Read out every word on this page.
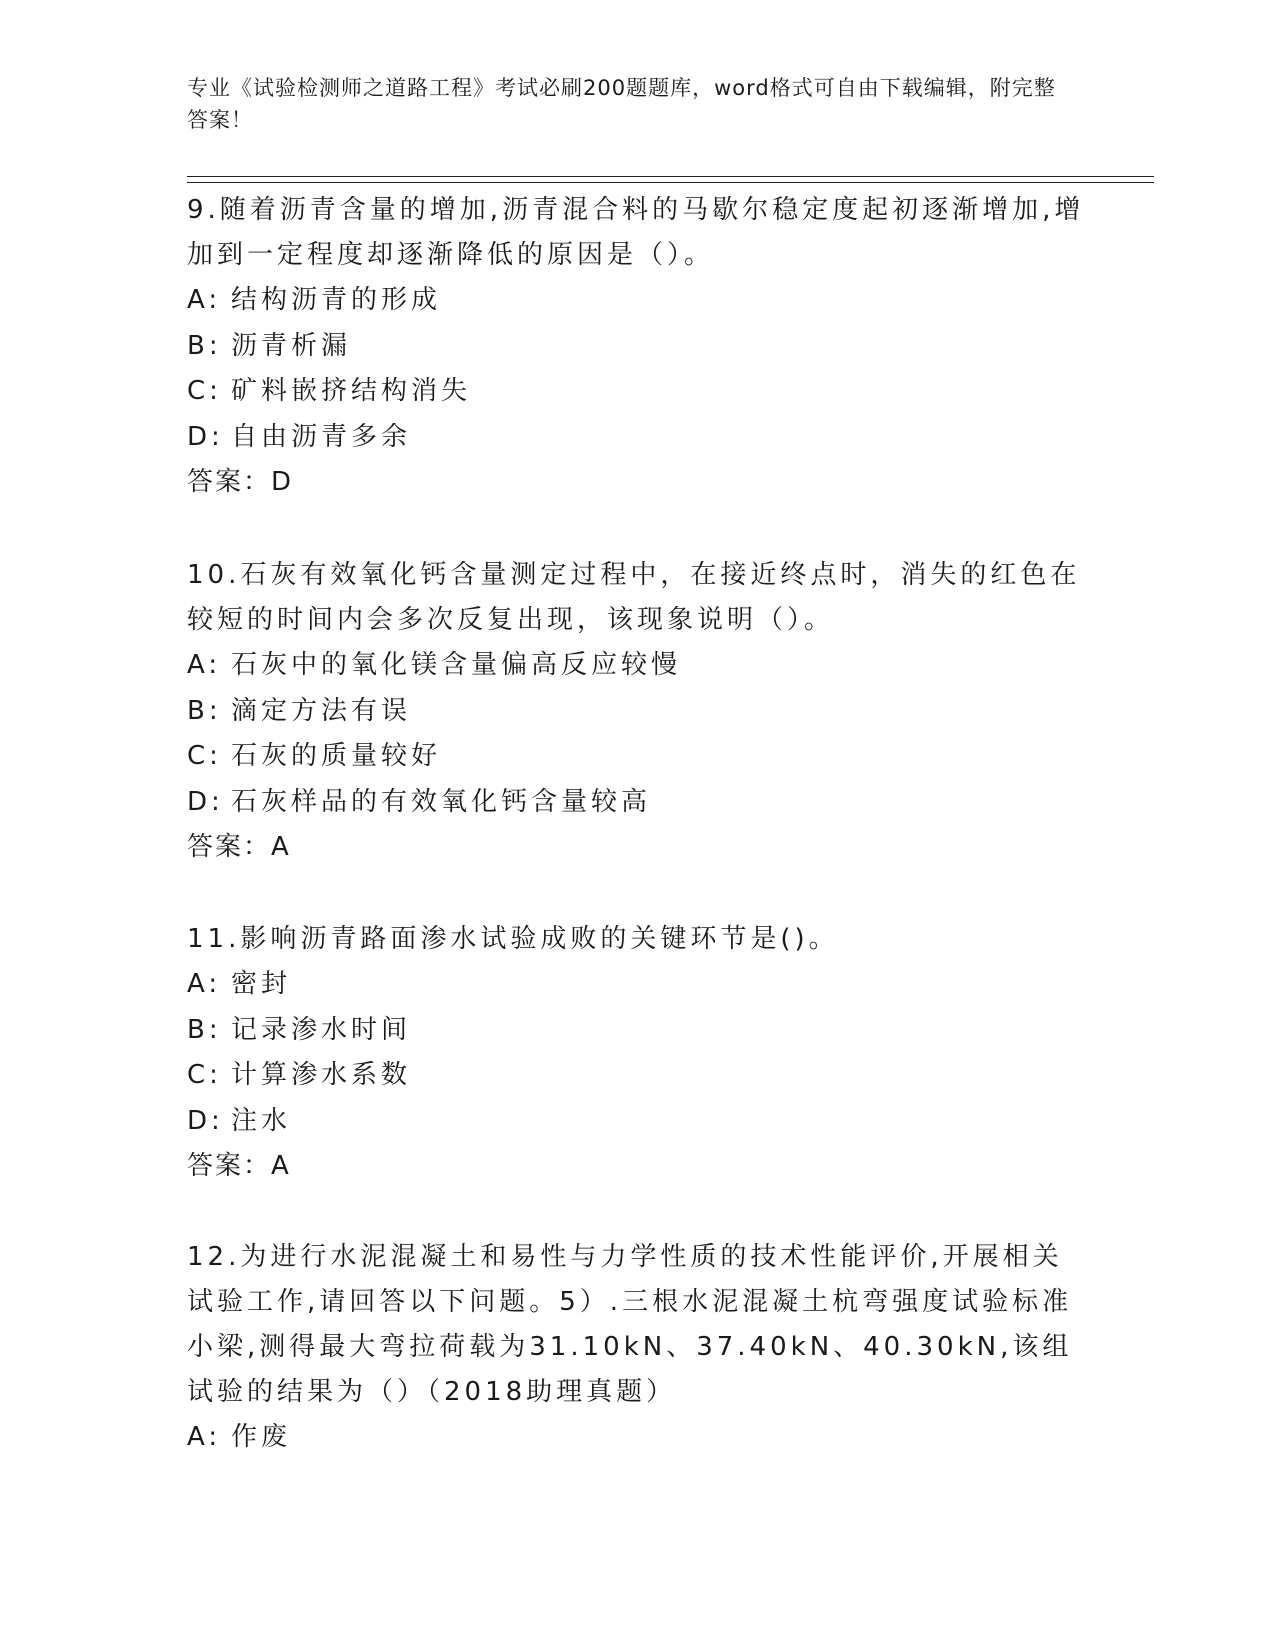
专业《试验检测师之道路工程》考试必刷200题题库，word格式可自由下载编辑，附完整答案！

9.随着沥青含量的增加,沥青混合料的马歇尔稳定度起初逐渐增加,增加到一定程度却逐渐降低的原因是（）。

A: 结构沥青的形成
B: 沥青析漏
C: 矿料嵌挤结构消失
D: 自由沥青多余
答案：D

10.石灰有效氧化钙含量测定过程中，在接近终点时，消失的红色在较短的时间内会多次反复出现，该现象说明（）。

A: 石灰中的氧化镁含量偏高反应较慢
B: 滴定方法有误
C: 石灰的质量较好
D: 石灰样品的有效氧化钙含量较高
答案：A

11.影响沥青路面渗水试验成败的关键环节是()。

A: 密封
B: 记录渗水时间
C: 计算渗水系数
D: 注水
答案：A

12.为进行水泥混凝土和易性与力学性质的技术性能评价,开展相关试验工作,请回答以下问题。5）.三根水泥混凝土杭弯强度试验标准小梁,测得最大弯拉荷载为31.10kN、37.40kN、40.30kN,该组试验的结果为（）（2018助理真题）

A: 作废
